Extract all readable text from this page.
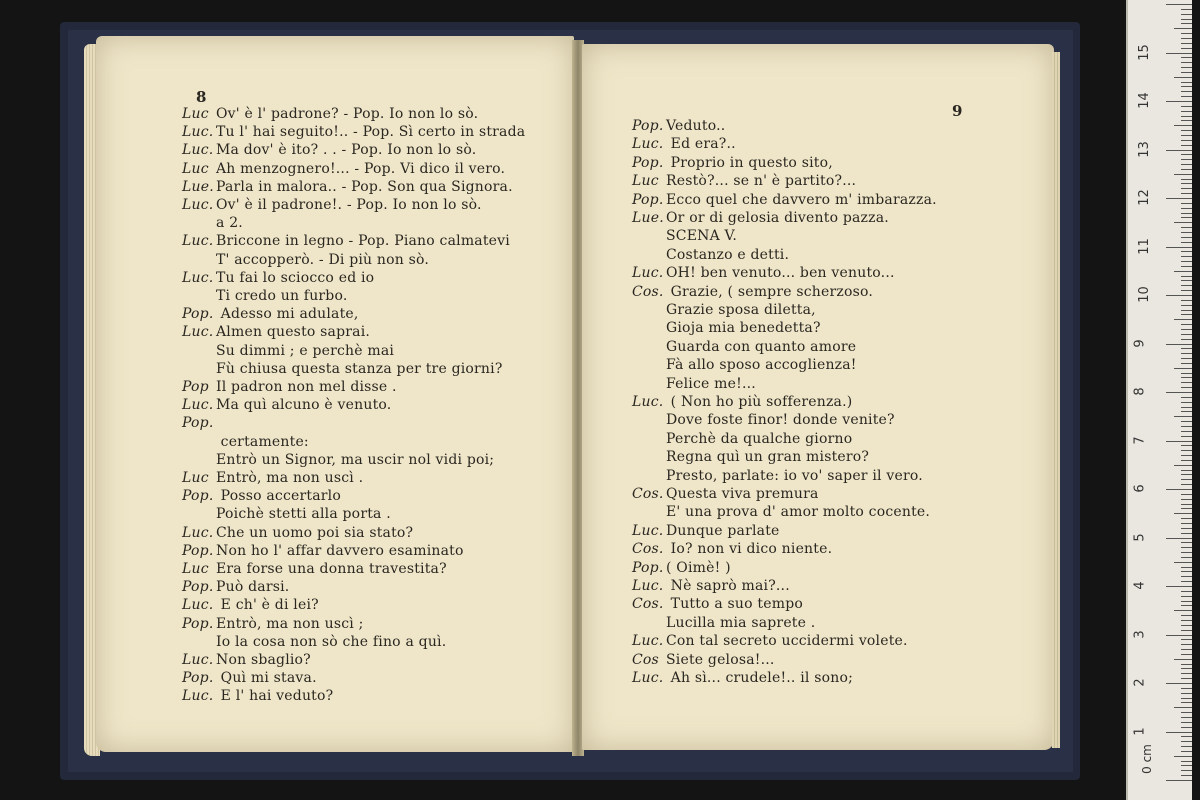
8
Luc Ov' è l' padrone? - Pop. Io non lo sò.
Luc. Tu l' hai seguito!.. - Pop. Sì certo in strada
Luc. Ma dov' è ito? . . - Pop. Io non lo sò.
Luc Ah menzognero!... - Pop. Vi dico il vero.
Lue. Parla in malora.. - Pop. Son qua Signora.
Luc. Ov' è il padrone!. - Pop. Io non lo sò.
a 2.
Luc. Briccone in legno - Pop. Piano calmatevi
T' accopperò. - Di più non sò.
Luc. Tu fai lo sciocco ed io
Ti credo un furbo.
Pop. Adesso mi adulate,
Luc. Almen questo saprai.
Su dimmi ; e perchè mai
Fù chiusa questa stanza per tre giorni?
Pop Il padron non mel disse .
Luc. Ma quì alcuno è venuto.
Pop.
certamente:
Entrò un Signor, ma uscir nol vidi poi;
Luc Entrò, ma non uscì .
Pop. Posso accertarlo
Poichè stetti alla porta .
Luc. Che un uomo poi sia stato?
Pop. Non ho l' affar davvero esaminato
Luc Era forse una donna travestita?
Pop. Può darsi.
Luc. E ch' è di lei?
Pop. Entrò, ma non uscì ;
Io la cosa non sò che fino a quì.
Luc. Non sbaglio?
Pop. Quì mi stava.
Luc. E l' hai veduto?
9
Pop. Veduto..
Luc. Ed era?..
Pop. Proprio in questo sito,
Luc Restò?... se n' è partito?...
Pop. Ecco quel che davvero m' imbarazza.
Lue. Or or di gelosia divento pazza.
SCENA V.
Costanzo e detti.
Luc. OH! ben venuto... ben venuto...
Cos. Grazie, ( sempre scherzoso.
Grazie sposa diletta,
Gioja mia benedetta?
Guarda con quanto amore
Fà allo sposo accoglienza!
Felice me!...
Luc. ( Non ho più sofferenza.)
Dove foste finor! donde venite?
Perchè da qualche giorno
Regna quì un gran mistero?
Presto, parlate: io vo' saper il vero.
Cos. Questa viva premura
E' una prova d' amor molto cocente.
Luc. Dunque parlate
Cos. Io? non vi dico niente.
Pop. ( Oimè! )
Luc. Nè saprò mai?...
Cos. Tutto a suo tempo
Lucilla mia saprete .
Luc. Con tal secreto uccidermi volete.
Cos Siete gelosa!...
Luc. Ah sì... crudele!.. il sono;
0 cm
1
2
3
4
5
6
7
8
9
10
11
12
13
14
15
